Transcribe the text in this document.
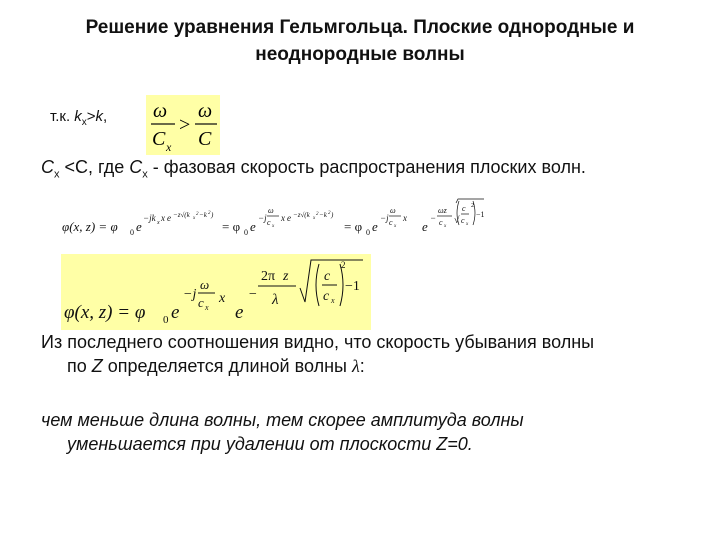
Решение уравнения Гельмгольца. Плоские однородные и неоднородные волны
т.к. $k_x>k$, ω
C x
>
ω
C
$C_x <C$, где $C_x$ - фазовая скорость распространения плоских волн.
φ(x, z) = φ 0 e
−jk x x e −z√(k x
2 −k 2 )
= φ 0 e
−j
ω
c x
x e −z√(k x
2 −k 2 )
= φ 0 e
−j
ω
c x
x
e
−
ωz
c x
√
c
c x
2
−1
φ(x, z) = φ 0 e
−j
ω
c x
x
e
−
2π z
λ
c
c x
2
−1
Из последнего соотношения видно, что скорость убывания волны
по Z определяется длиной волны λ:
чем меньше длина волны, тем скорее амплитуда волны
уменьшается при удалении от плоскости Z=0.
